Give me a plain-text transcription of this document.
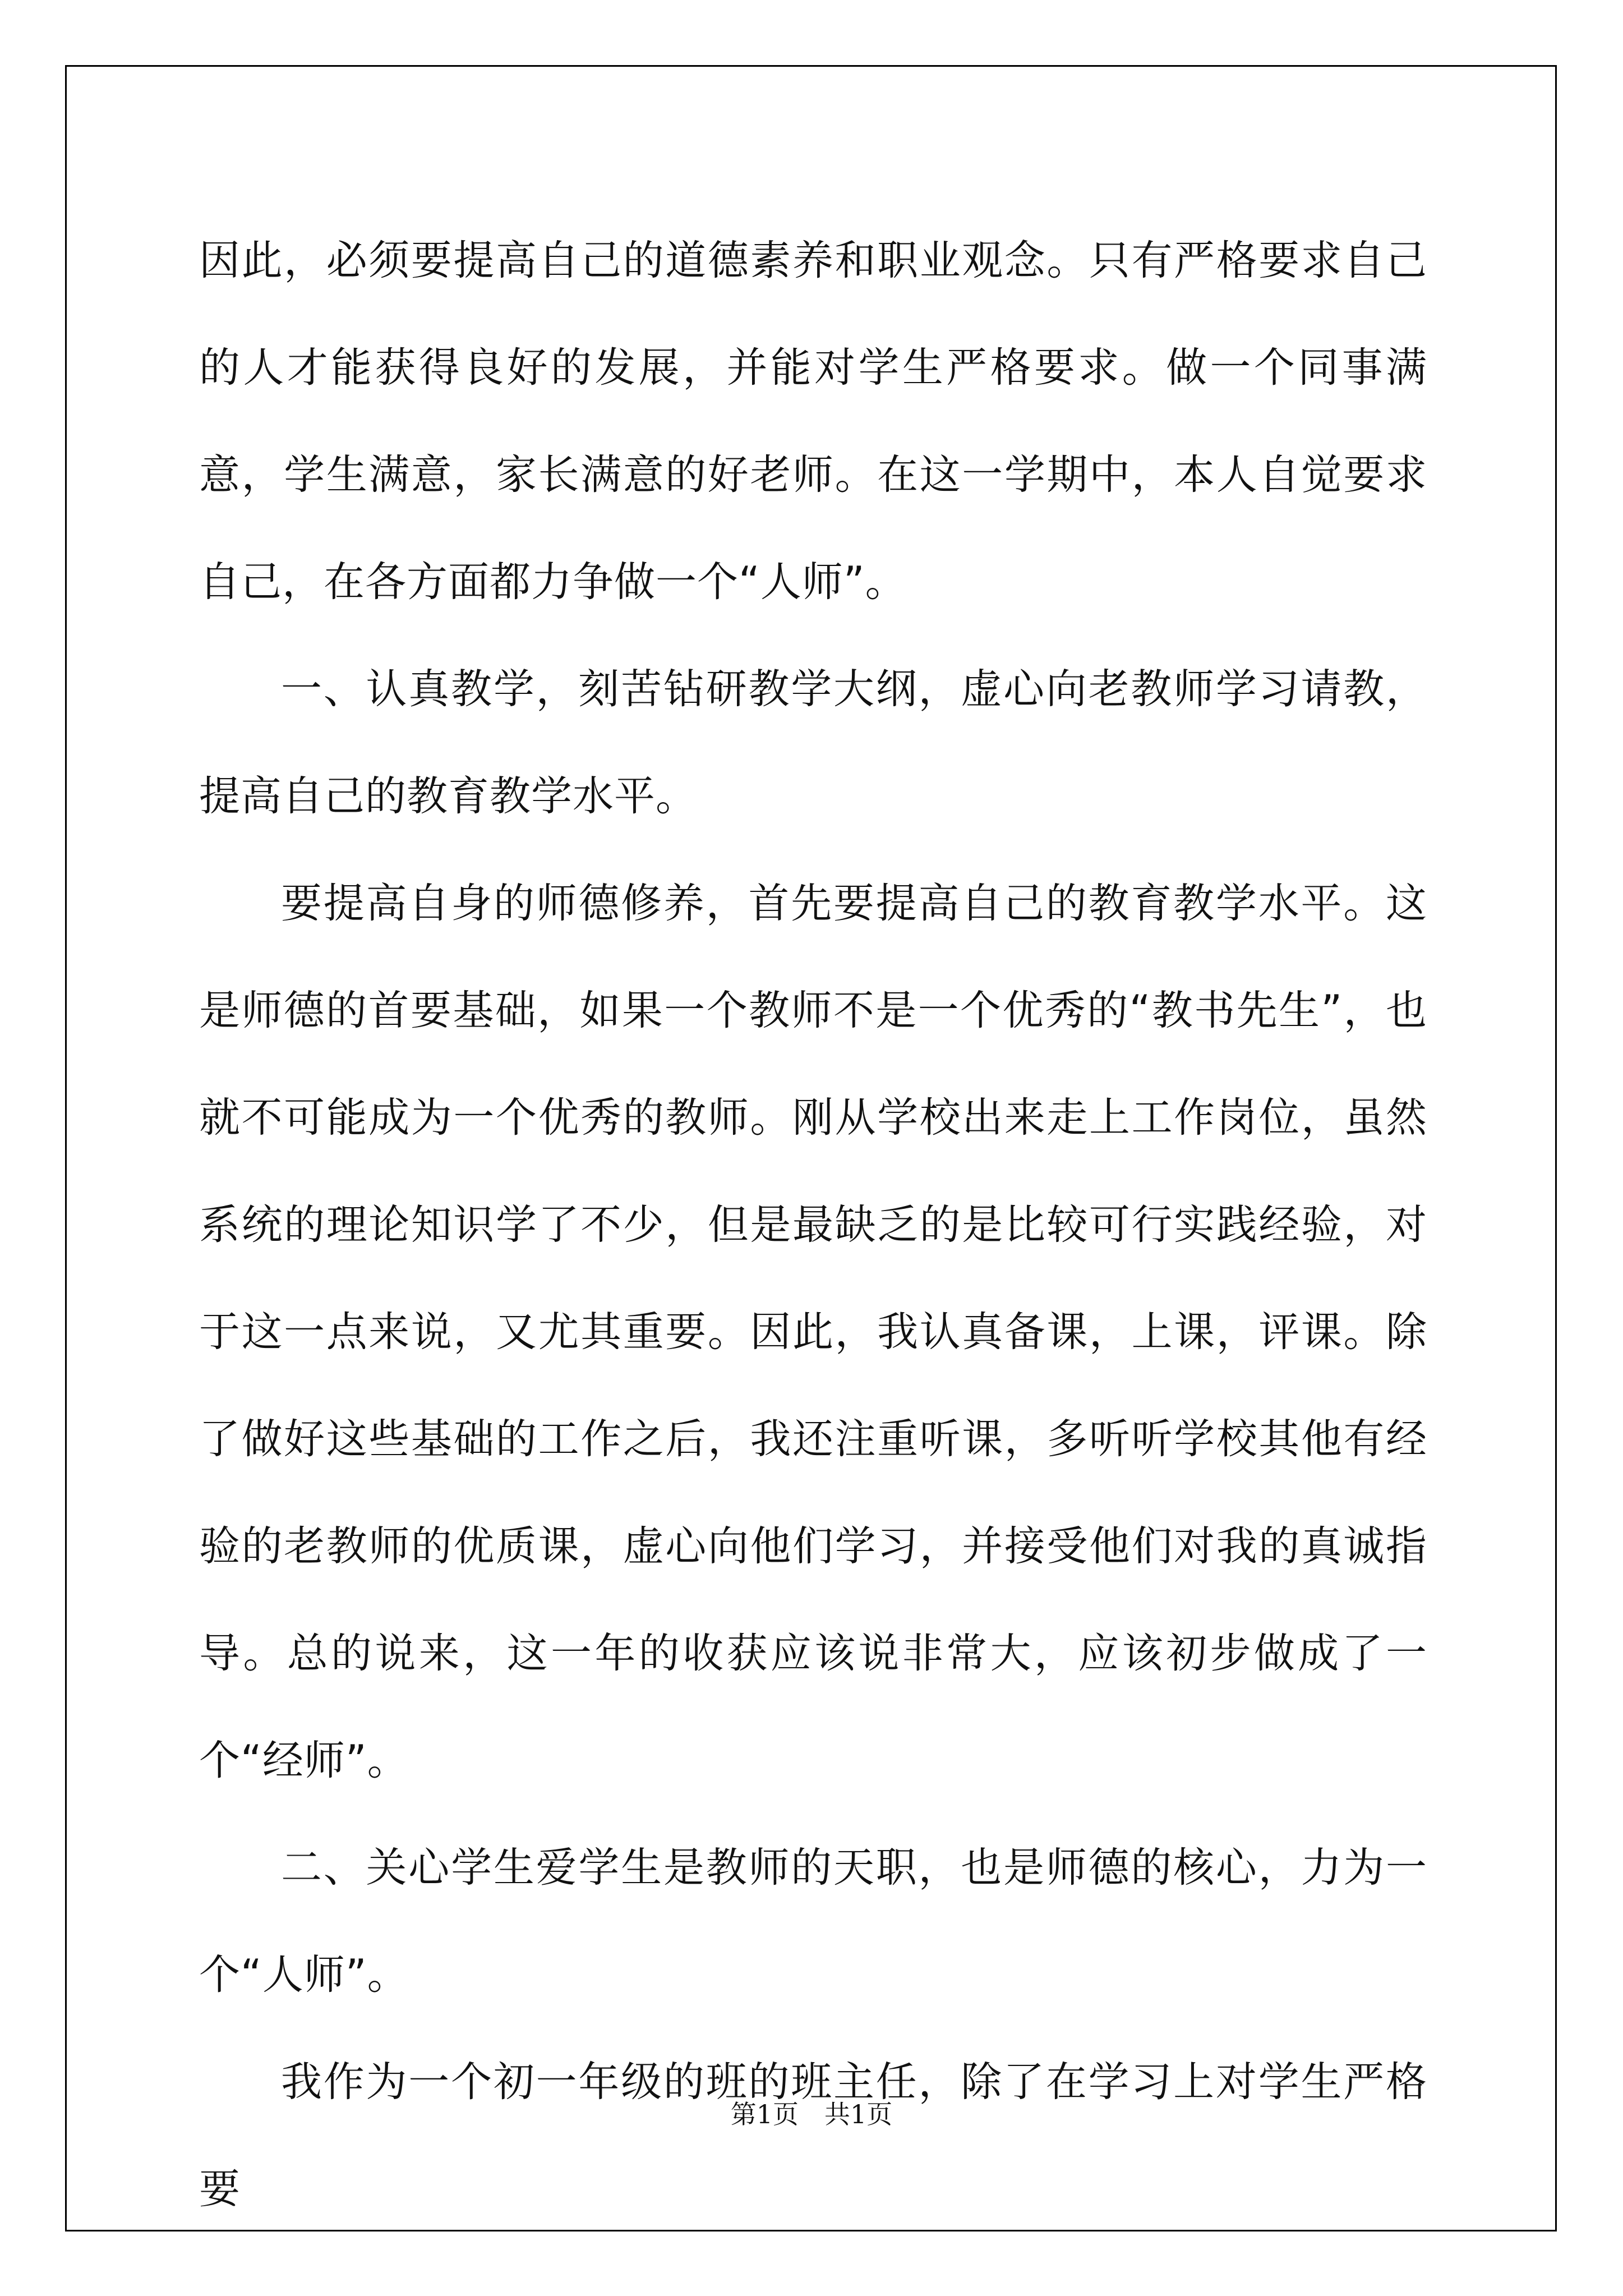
因此，必须要提高自己的道德素养和职业观念。只有严格要求自己的人才能获得良好的发展，并能对学生严格要求。做一个同事满意，学生满意，家长满意的好老师。在这一学期中，本人自觉要求自己，在各方面都力争做一个“人师”。

一、认真教学，刻苦钻研教学大纲，虚心向老教师学习请教，提高自己的教育教学水平。

要提高自身的师德修养，首先要提高自己的教育教学水平。这是师德的首要基础，如果一个教师不是一个优秀的“教书先生”，也就不可能成为一个优秀的教师。刚从学校出来走上工作岗位，虽然系统的理论知识学了不少，但是最缺乏的是比较可行实践经验，对于这一点来说，又尤其重要。因此，我认真备课，上课，评课。除了做好这些基础的工作之后，我还注重听课，多听听学校其他有经验的老教师的优质课，虚心向他们学习，并接受他们对我的真诚指导。总的说来，这一年的收获应该说非常大，应该初步做成了一个“经师”。

二、关心学生爱学生是教师的天职，也是师德的核心，力为一个“人师”。

我作为一个初一年级的班的班主任，除了在学习上对学生严格要

第1页　共1页
